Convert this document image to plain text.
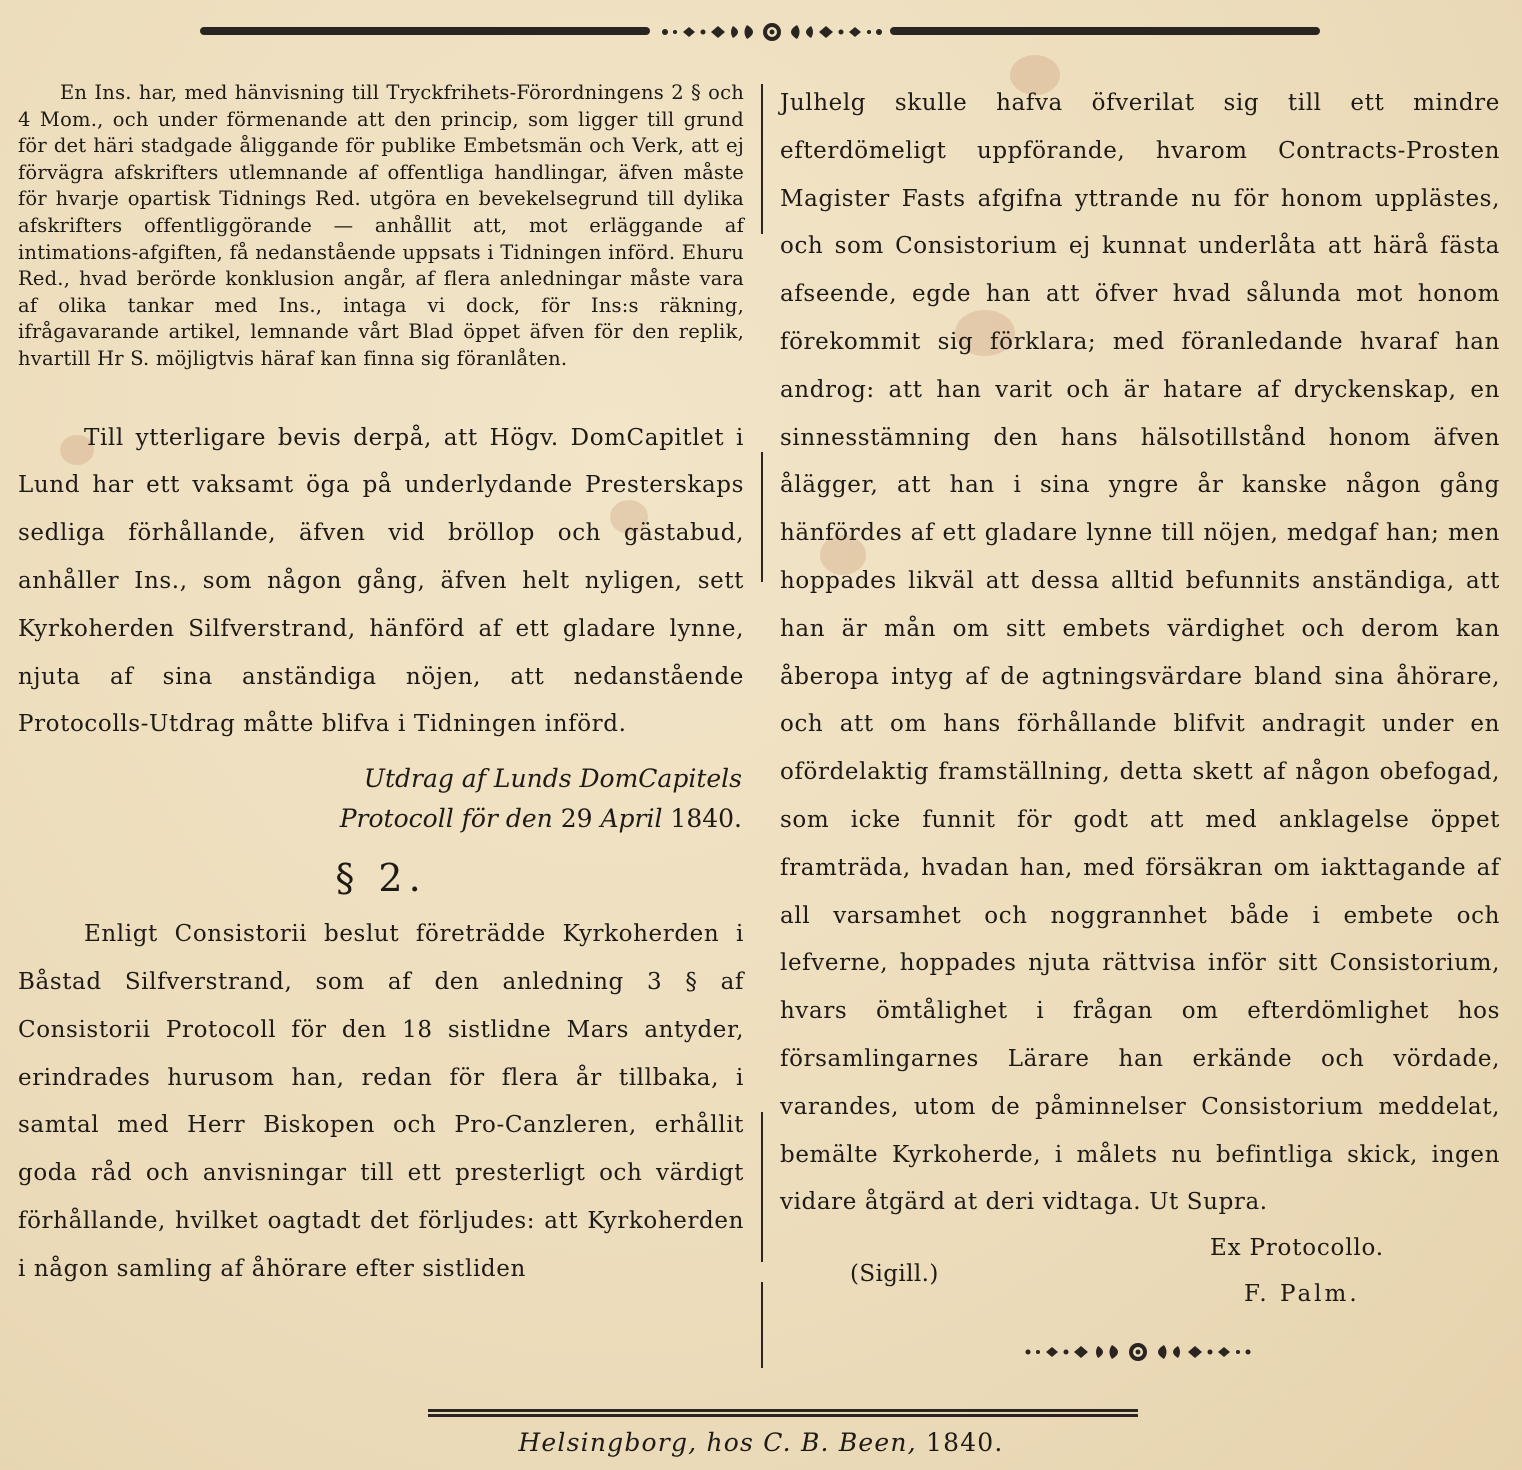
En Ins. har, med hänvisning till Tryckfrihets-Förordningens 2 § och 4 Mom., och under förmenande att den princip, som ligger till grund för det häri stadgade åliggande för publike Embetsmän och Verk, att ej förvägra afskrifters utlemnande af offentliga handlingar, äfven måste för hvarje opartisk Tidnings Red. utgöra en bevekelsegrund till dylika afskrifters offentliggörande — anhållit att, mot erläggande af intimations-afgiften, få nedanstående uppsats i Tidningen införd. Ehuru Red., hvad berörde konklusion angår, af flera anledningar måste vara af olika tankar med Ins., intaga vi dock, för Ins:s räkning, ifrågavarande artikel, lemnande vårt Blad öppet äfven för den replik, hvartill Hr S. möjligtvis häraf kan finna sig föranlåten.

Till ytterligare bevis derpå, att Högv. DomCapitlet i Lund har ett vaksamt öga på underlydande Presterskaps sedliga förhållande, äfven vid bröllop och gästabud, anhåller Ins., som någon gång, äfven helt nyligen, sett Kyrkoherden Silfverstrand, hänförd af ett gladare lynne, njuta af sina anständiga nöjen, att nedanstående Protocolls-Utdrag måtte blifva i Tidningen införd.

Utdrag af Lunds DomCapitels
Protocoll för den 29 April 1840.
§ 2.

Enligt Consistorii beslut företrädde Kyrkoherden i Båstad Silfverstrand, som af den anledning 3 § af Consistorii Protocoll för den 18 sistlidne Mars antyder, erindrades hurusom han, redan för flera år tillbaka, i samtal med Herr Biskopen och Pro-Canzleren, erhållit goda råd och anvisningar till ett presterligt och värdigt förhållande, hvilket oagtadt det förljudes: att Kyrkoherden i någon samling af åhörare efter sistliden

Julhelg skulle hafva öfverilat sig till ett mindre efterdömeligt uppförande, hvarom Contracts-Prosten Magister Fasts afgifna yttrande nu för honom upplästes, och som Consistorium ej kunnat underlåta att härå fästa afseende, egde han att öfver hvad sålunda mot honom förekommit sig förklara; med föranledande hvaraf han androg: att han varit och är hatare af dryckenskap, en sinnesstämning den hans hälsotillstånd honom äfven ålägger, att han i sina yngre år kanske någon gång hänfördes af ett gladare lynne till nöjen, medgaf han; men hoppades likväl att dessa alltid befunnits anständiga, att han är mån om sitt embets värdighet och derom kan åberopa intyg af de agtningsvärdare bland sina åhörare, och att om hans förhållande blifvit andragit under en ofördelaktig framställning, detta skett af någon obefogad, som icke funnit för godt att med anklagelse öppet framträda, hvadan han, med försäkran om iakttagande af all varsamhet och noggrannhet både i embete och lefverne, hoppades njuta rättvisa inför sitt Consistorium, hvars ömtålighet i frågan om efterdömlighet hos församlingarnes Lärare han erkände och vördade, varandes, utom de påminnelser Consistorium meddelat, bemälte Kyrkoherde, i målets nu befintliga skick, ingen vidare åtgärd at deri vidtaga. Ut Supra.

Ex Protocollo.
(Sigill.)
F. Palm.
Helsingborg, hos C. B. Been, 1840.
